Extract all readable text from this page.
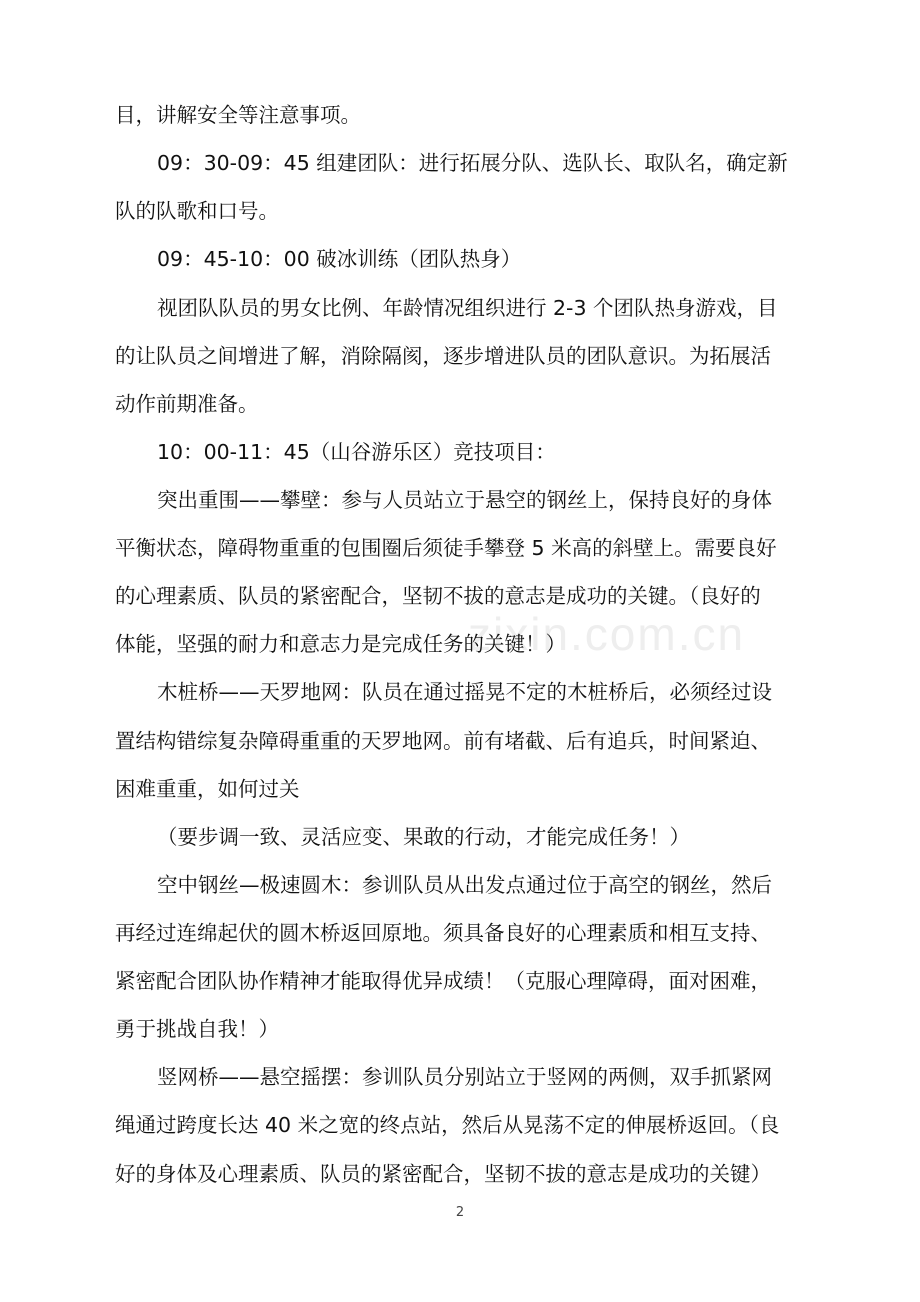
zixin.com.cn
目，讲解安全等注意事项。
09：30-09：45 组建团队：进行拓展分队、选队长、取队名，确定新
队的队歌和口号。
09：45-10：00 破冰训练（团队热身）
视团队队员的男女比例、年龄情况组织进行 2-3 个团队热身游戏，目
的让队员之间增进了解，消除隔阂，逐步增进队员的团队意识。为拓展活
动作前期准备。
10：00-11：45（山谷游乐区）竞技项目：
突出重围——攀壁：参与人员站立于悬空的钢丝上，保持良好的身体
平衡状态，障碍物重重的包围圈后须徒手攀登 5 米高的斜壁上。需要良好
的心理素质、队员的紧密配合，坚韧不拔的意志是成功的关键。（良好的
体能，坚强的耐力和意志力是完成任务的关键！）
木桩桥——天罗地网：队员在通过摇晃不定的木桩桥后，必须经过设
置结构错综复杂障碍重重的天罗地网。前有堵截、后有追兵，时间紧迫、
困难重重，如何过关
（要步调一致、灵活应变、果敢的行动，才能完成任务！）
空中钢丝—极速圆木：参训队员从出发点通过位于高空的钢丝，然后
再经过连绵起伏的圆木桥返回原地。须具备良好的心理素质和相互支持、
紧密配合团队协作精神才能取得优异成绩！（克服心理障碍，面对困难，
勇于挑战自我！）
竖网桥——悬空摇摆：参训队员分别站立于竖网的两侧，双手抓紧网
绳通过跨度长达 40 米之宽的终点站，然后从晃荡不定的伸展桥返回。（良
好的身体及心理素质、队员的紧密配合，坚韧不拔的意志是成功的关键）
2
